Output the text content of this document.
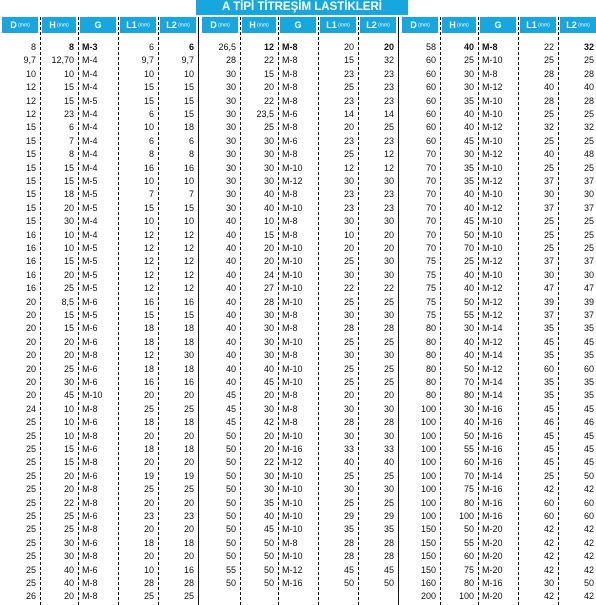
A TİPİ TİTREŞİM LASTİKLERİ
D (mm)	H (mm)	G	L1 (mm)	L2 (mm)
8	8 M-3	6	6
9,7 12,70 M-4	9,7	9,7
10	10 M-4	10	10
12	15 M-4	15	15
12	15 M-5	15	15
12	23 M-4	6	15
15	6 M-4	10	18
15	7 M-4	6	6
15	8 M-4	8	8
15	15 M-4	16	16
15	15 M-5	10	10
15	18 M-5	7	7
15	20 M-5	15	15
15	30 M-4	10	10
16	10 M-4	12	12
16	10 M-5	12	12
16	15 M-5	12	12
16	20 M-5	12	12
16	25 M-5	12	12
20	8,5 M-6	16	16
20	15 M-5	15	15
20	15 M-6	18	18
20	20 M-6	18	18
20	20 M-8	12	30
20	25 M-6	18	18
20	30 M-6	16	16
20	45 M-10	20	20
24	10 M-8	25	25
25	10 M-6	18	18
25	10 M-8	20	20
25	15 M-6	18	18
25	15 M-8	20	20
25	20 M-6	19	19
25	20 M-8	25	25
25	22 M-8	20	20
25	25 M-6	23	23
25	25 M-8	20	20
25	30 M-6	18	18
25	30 M-8	20	20
25	40 M-6	10	16
25	40 M-8	28	28
26	20 M-8	25	25
D (mm)	H (mm)	G	L1 (mm)	L2 (mm)
26,5	12 M-8	20	20
28	22 M-8	15	32
30	15 M-8	23	23
30	20 M-8	25	23
30	22 M-8	23	23
30 23,5 M-6	14	14
30	25 M-8	20	25
30	30 M-6	23	23
30	30 M-8	25	12
30	30 M-10	12	12
30	30 M-12	30	30
30	40 M-8	23	23
30	40 M-10	23	23
40	10 M-8	30	30
40	15 M-8	10	20
40	20 M-10	20	20
40	20 M-10	25	30
40	24 M-10	30	30
40	27 M-10	22	22
40	28 M-10	25	25
40	30 M-8	30	30
40	30 M-8	28	28
40	30 M-10	25	25
40	30 M-8	30	30
40	40 M-10	25	25
40	45 M-10	25	25
45	20 M-8	20	20
45	30 M-8	30	30
45	42 M-8	28	28
50	20 M-10	30	30
50	20 M-16	33	33
50	22 M-12	40	40
50	30 M-10	25	25
50	30 M-10	30	30
50	35 M-10	25	25
50	40 M-10	29	29
50	45 M-10	35	35
50	50 M-8	28	28
50	50 M-10	28	28
55	50 M-12	45	45
50	50 M-16	50	50
D (mm)	H (mm)	G	L1 (mm)	L2 (mm)
58	40 M-8	22	32
60	25 M-10	25	25
60	30 M-8	28	28
60	30 M-12	40	40
60	35 M-10	28	28
60	40 M-10	25	25
60	40 M-12	32	32
60	45 M-10	25	25
70	30 M-12	40	48
70	35 M-10	25	25
70	35 M-12	37	37
70	40 M-10	30	30
70	40 M-12	37	37
70	45 M-10	25	25
70	50 M-10	25	25
70	70 M-10	25	25
75	25 M-12	37	37
75	40 M-10	30	30
75	40 M-12	47	47
75	50 M-12	39	39
75	55 M-12	37	37
80	30 M-14	35	35
80	40 M-12	45	45
80	40 M-14	35	35
80	50 M-12	60	60
80	70 M-14	35	35
80	80 M-14	35	35
100	30 M-16	45	45
100	40 M-16	46	46
100	50 M-16	45	45
100	55 M-16	45	45
100	60 M-16	45	45
100	70 M-14	25	50
100	75 M-16	42	42
100	80 M-16	60	60
100	100 M-16	60	60
150	50 M-20	42	42
150	55 M-20	42	42
150	60 M-20	42	42
150	75 M-20	42	42
160	80 M-16	30	50
200	100 M-20	42	42
